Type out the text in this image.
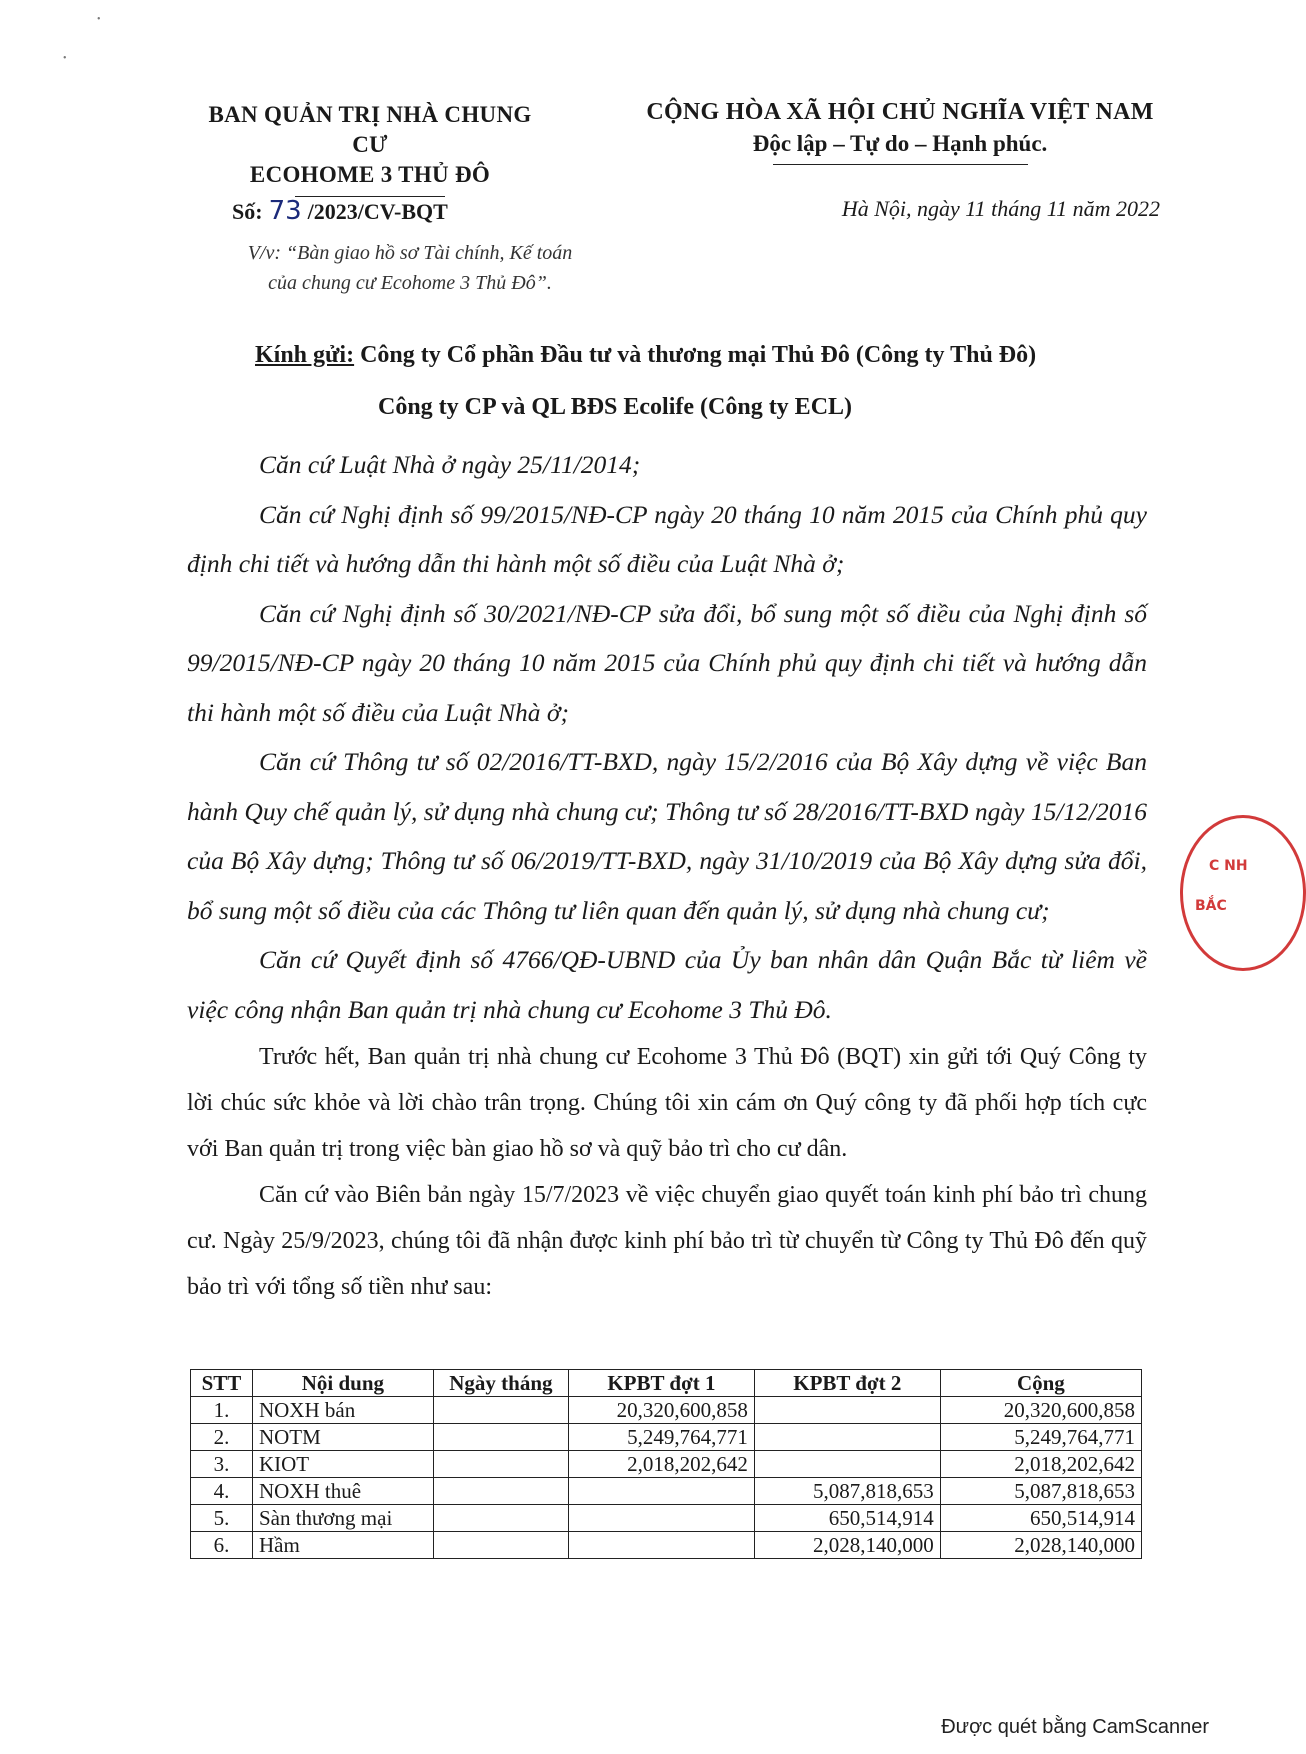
•
•
BAN QUẢN TRỊ NHÀ CHUNG CƯ
ECOHOME 3 THỦ ĐÔ
CỘNG HÒA XÃ HỘI CHỦ NGHĨA VIỆT NAM
Độc lập – Tự do – Hạnh phúc.
Số: 73 /2023/CV-BQT
V/v: “Bàn giao hồ sơ Tài chính, Kế toán
của chung cư Ecohome 3 Thủ Đô”.
Hà Nội, ngày 11 tháng 11 năm 2022
Kính gửi: Công ty Cổ phần Đầu tư và thương mại Thủ Đô (Công ty Thủ Đô)
Công ty CP và QL BĐS Ecolife (Công ty ECL)

Căn cứ Luật Nhà ở ngày 25/11/2014;

Căn cứ Nghị định số 99/2015/NĐ-CP ngày 20 tháng 10 năm 2015 của Chính phủ quy định chi tiết và hướng dẫn thi hành một số điều của Luật Nhà ở;

Căn cứ Nghị định số 30/2021/NĐ-CP sửa đổi, bổ sung một số điều của Nghị định số 99/2015/NĐ-CP ngày 20 tháng 10 năm 2015 của Chính phủ quy định chi tiết và hướng dẫn thi hành một số điều của Luật Nhà ở;

Căn cứ Thông tư số 02/2016/TT-BXD, ngày 15/2/2016 của Bộ Xây dựng về việc Ban hành Quy chế quản lý, sử dụng nhà chung cư; Thông tư số 28/2016/TT-BXD ngày 15/12/2016 của Bộ Xây dựng; Thông tư số 06/2019/TT-BXD, ngày 31/10/2019 của Bộ Xây dựng sửa đổi, bổ sung một số điều của các Thông tư liên quan đến quản lý, sử dụng nhà chung cư;

Căn cứ Quyết định số 4766/QĐ-UBND của Ủy ban nhân dân Quận Bắc từ liêm về việc công nhận Ban quản trị nhà chung cư Ecohome 3 Thủ Đô.

Trước hết, Ban quản trị nhà chung cư Ecohome 3 Thủ Đô (BQT) xin gửi tới Quý Công ty lời chúc sức khỏe và lời chào trân trọng. Chúng tôi xin cám ơn Quý công ty đã phối hợp tích cực với Ban quản trị trong việc bàn giao hồ sơ và quỹ bảo trì cho cư dân.

Căn cứ vào Biên bản ngày 15/7/2023 về việc chuyển giao quyết toán kinh phí bảo trì chung cư. Ngày 25/9/2023, chúng tôi đã nhận được kinh phí bảo trì từ chuyển từ Công ty Thủ Đô đến quỹ bảo trì với tổng số tiền như sau:

STT	Nội dung	Ngày tháng	KPBT đợt 1	KPBT đợt 2	Cộng
1.	NOXH bán		20,320,600,858		20,320,600,858
2.	NOTM		5,249,764,771		5,249,764,771
3.	KIOT		2,018,202,642		2,018,202,642
4.	NOXH thuê			5,087,818,653	5,087,818,653
5.	Sàn thương mại			650,514,914	650,514,914
6.	Hầm			2,028,140,000	2,028,140,000
C NH
BẮC
Được quét bằng CamScanner
